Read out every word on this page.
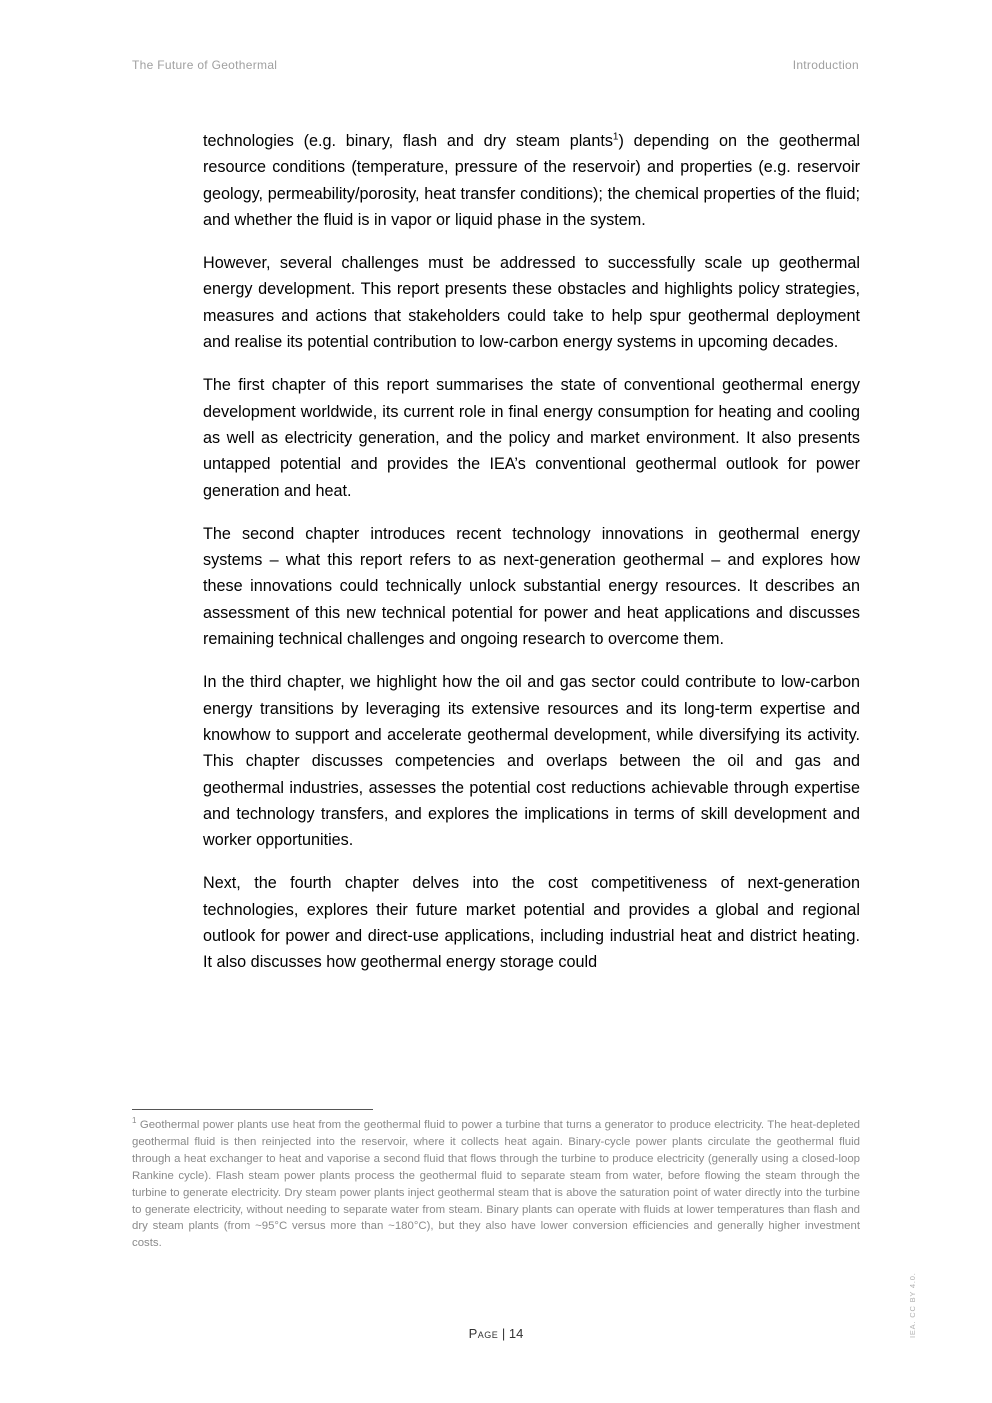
The Future of Geothermal	Introduction

technologies (e.g. binary, flash and dry steam plants$^1$) depending on the geothermal resource conditions (temperature, pressure of the reservoir) and properties (e.g. reservoir geology, permeability/porosity, heat transfer conditions); the chemical properties of the fluid; and whether the fluid is in vapor or liquid phase in the system.

However, several challenges must be addressed to successfully scale up geothermal energy development. This report presents these obstacles and highlights policy strategies, measures and actions that stakeholders could take to help spur geothermal deployment and realise its potential contribution to low-carbon energy systems in upcoming decades.

The first chapter of this report summarises the state of conventional geothermal energy development worldwide, its current role in final energy consumption for heating and cooling as well as electricity generation, and the policy and market environment. It also presents untapped potential and provides the IEA’s conventional geothermal outlook for power generation and heat.

The second chapter introduces recent technology innovations in geothermal energy systems – what this report refers to as next-generation geothermal – and explores how these innovations could technically unlock substantial energy resources. It describes an assessment of this new technical potential for power and heat applications and discusses remaining technical challenges and ongoing research to overcome them.

In the third chapter, we highlight how the oil and gas sector could contribute to low-carbon energy transitions by leveraging its extensive resources and its long-term expertise and knowhow to support and accelerate geothermal development, while diversifying its activity. This chapter discusses competencies and overlaps between the oil and gas and geothermal industries, assesses the potential cost reductions achievable through expertise and technology transfers, and explores the implications in terms of skill development and worker opportunities.

Next, the fourth chapter delves into the cost competitiveness of next-generation technologies, explores their future market potential and provides a global and regional outlook for power and direct-use applications, including industrial heat and district heating. It also discusses how geothermal energy storage could

$^1$ Geothermal power plants use heat from the geothermal fluid to power a turbine that turns a generator to produce electricity. The heat-depleted geothermal fluid is then reinjected into the reservoir, where it collects heat again. Binary-cycle power plants circulate the geothermal fluid through a heat exchanger to heat and vaporise a second fluid that flows through the turbine to produce electricity (generally using a closed-loop Rankine cycle). Flash steam power plants process the geothermal fluid to separate steam from water, before flowing the steam through the turbine to generate electricity. Dry steam power plants inject geothermal steam that is above the saturation point of water directly into the turbine to generate electricity, without needing to separate water from steam. Binary plants can operate with fluids at lower temperatures than flash and dry steam plants (from ~95°C versus more than ~180°C), but they also have lower conversion efficiencies and generally higher investment costs.

Page | 14	IEA. CC BY 4.0.
